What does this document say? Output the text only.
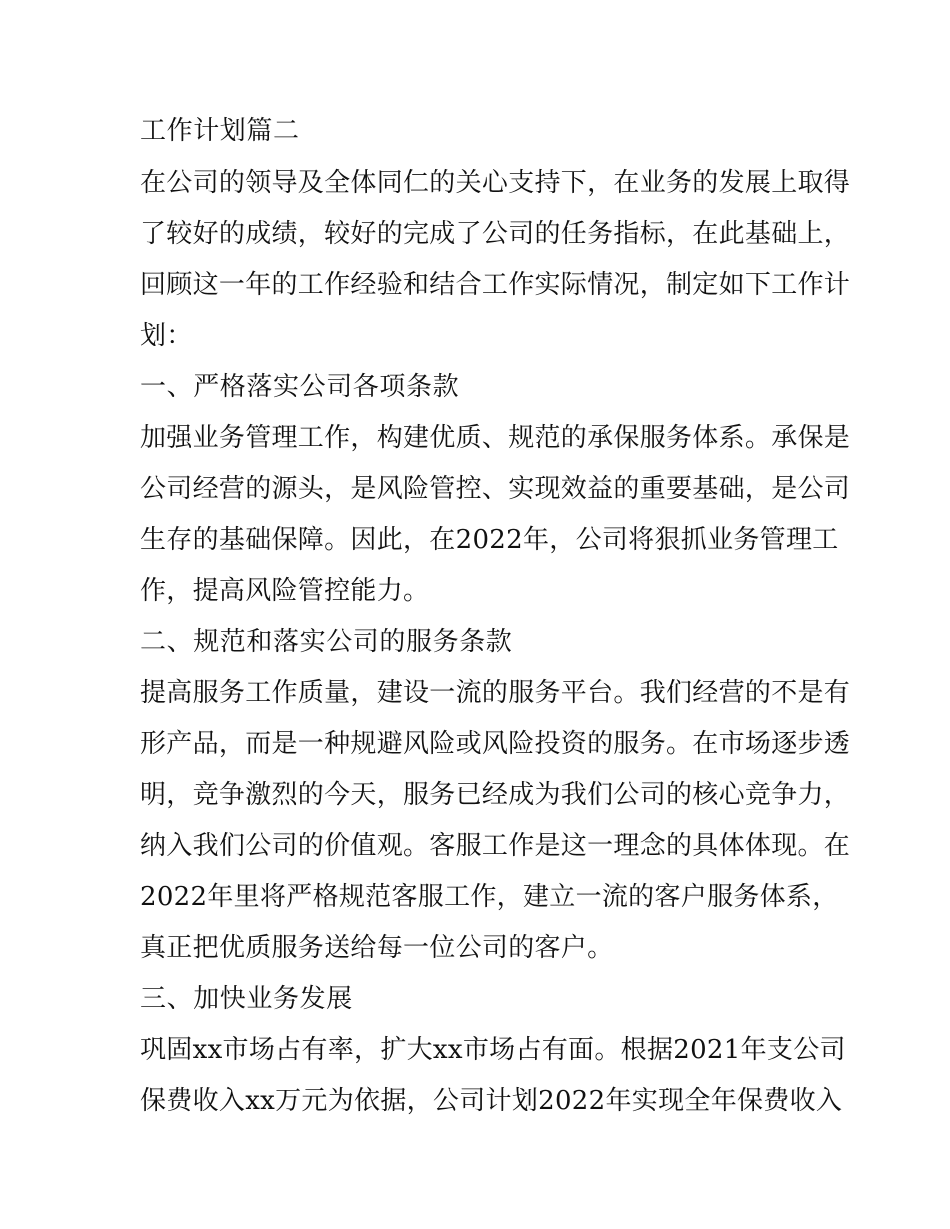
工作计划篇二
在公司的领导及全体同仁的关心支持下，在业务的发展上取得
了较好的成绩，较好的完成了公司的任务指标，在此基础上，
回顾这一年的工作经验和结合工作实际情况，制定如下工作计
划：
一、严格落实公司各项条款
加强业务管理工作，构建优质、规范的承保服务体系。承保是
公司经营的源头，是风险管控、实现效益的重要基础，是公司
生存的基础保障。因此，在2022年，公司将狠抓业务管理工
作，提高风险管控能力。
二、规范和落实公司的服务条款
提高服务工作质量，建设一流的服务平台。我们经营的不是有
形产品，而是一种规避风险或风险投资的服务。在市场逐步透
明，竞争激烈的今天，服务已经成为我们公司的核心竞争力，
纳入我们公司的价值观。客服工作是这一理念的具体体现。在
2022年里将严格规范客服工作，建立一流的客户服务体系，
真正把优质服务送给每一位公司的客户。
三、加快业务发展
巩固xx市场占有率，扩大xx市场占有面。根据2021年支公司
保费收入xx万元为依据，公司计划2022年实现全年保费收入
